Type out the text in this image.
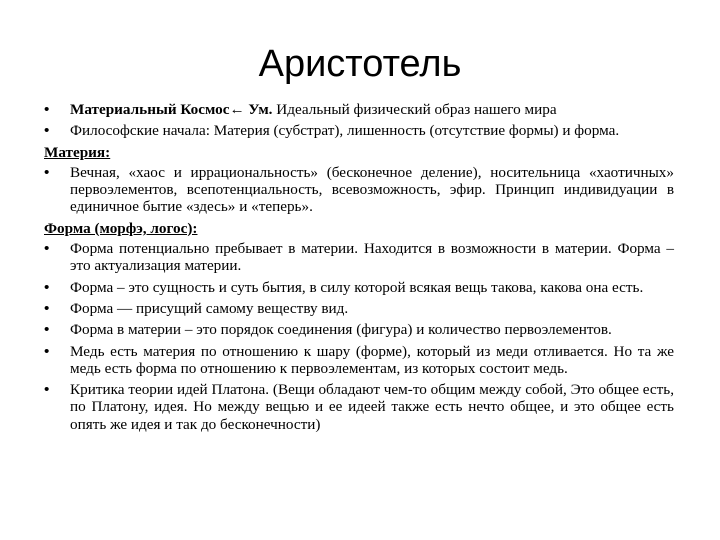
Аристотель
• Материальный Космос← Ум. Идеальный физический образ нашего мира
• Философские начала: Материя (субстрат), лишенность (отсутствие формы) и форма.
Материя:
• Вечная, «хаос и иррациональность» (бесконечное деление), носительница «хаотичных» первоэлементов, всепотенциальность, всевозможность, эфир. Принцип индивидуации в единичное бытие «здесь» и «теперь».
Форма (морфэ, логос):
• Форма потенциально пребывает в материи. Находится в возможности в материи. Форма – это актуализация материи.
• Форма – это сущность и суть бытия, в силу которой всякая вещь такова, какова она есть.
• Форма — присущий самому веществу вид.
• Форма в материи – это порядок соединения (фигура) и количество первоэлементов.
• Медь есть материя по отношению к шару (форме), который из меди отливается. Но та же медь есть форма по отношению к первоэлементам, из которых состоит медь.
• Критика теории идей Платона. (Вещи обладают чем-то общим между собой, Это общее есть, по Платону, идея. Но между вещью и ее идеей также есть нечто общее, и это общее есть опять же идея и так до бесконечности)
